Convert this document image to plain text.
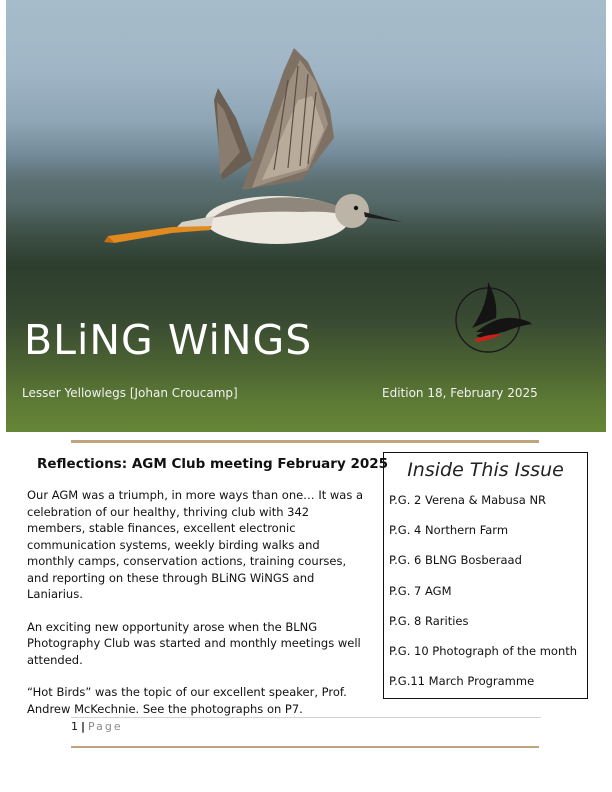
BLiNG WiNGS
Lesser Yellowlegs [Johan Croucamp]	Edition 18, February 2025
Reflections: AGM Club meeting February 2025

Our AGM was a triumph, in more ways than one… It was a celebration of our healthy, thriving club with 342 members, stable finances, excellent electronic communication systems, weekly birding walks and monthly camps, conservation actions, training courses, and reporting on these through BLiNG WiNGS and Laniarius.

An exciting new opportunity arose when the BLNG Photography Club was started and monthly meetings well attended.

“Hot Birds” was the topic of our excellent speaker, Prof. Andrew McKechnie. See the photographs on P7.

Inside This Issue
P.G. 2 Verena & Mabusa NR
P.G. 4 Northern Farm
P.G. 6 BLNG Bosberaad
P.G. 7 AGM
P.G. 8 Rarities
P.G. 10 Photograph of the month
P.G.11 March Programme
1 | Page
